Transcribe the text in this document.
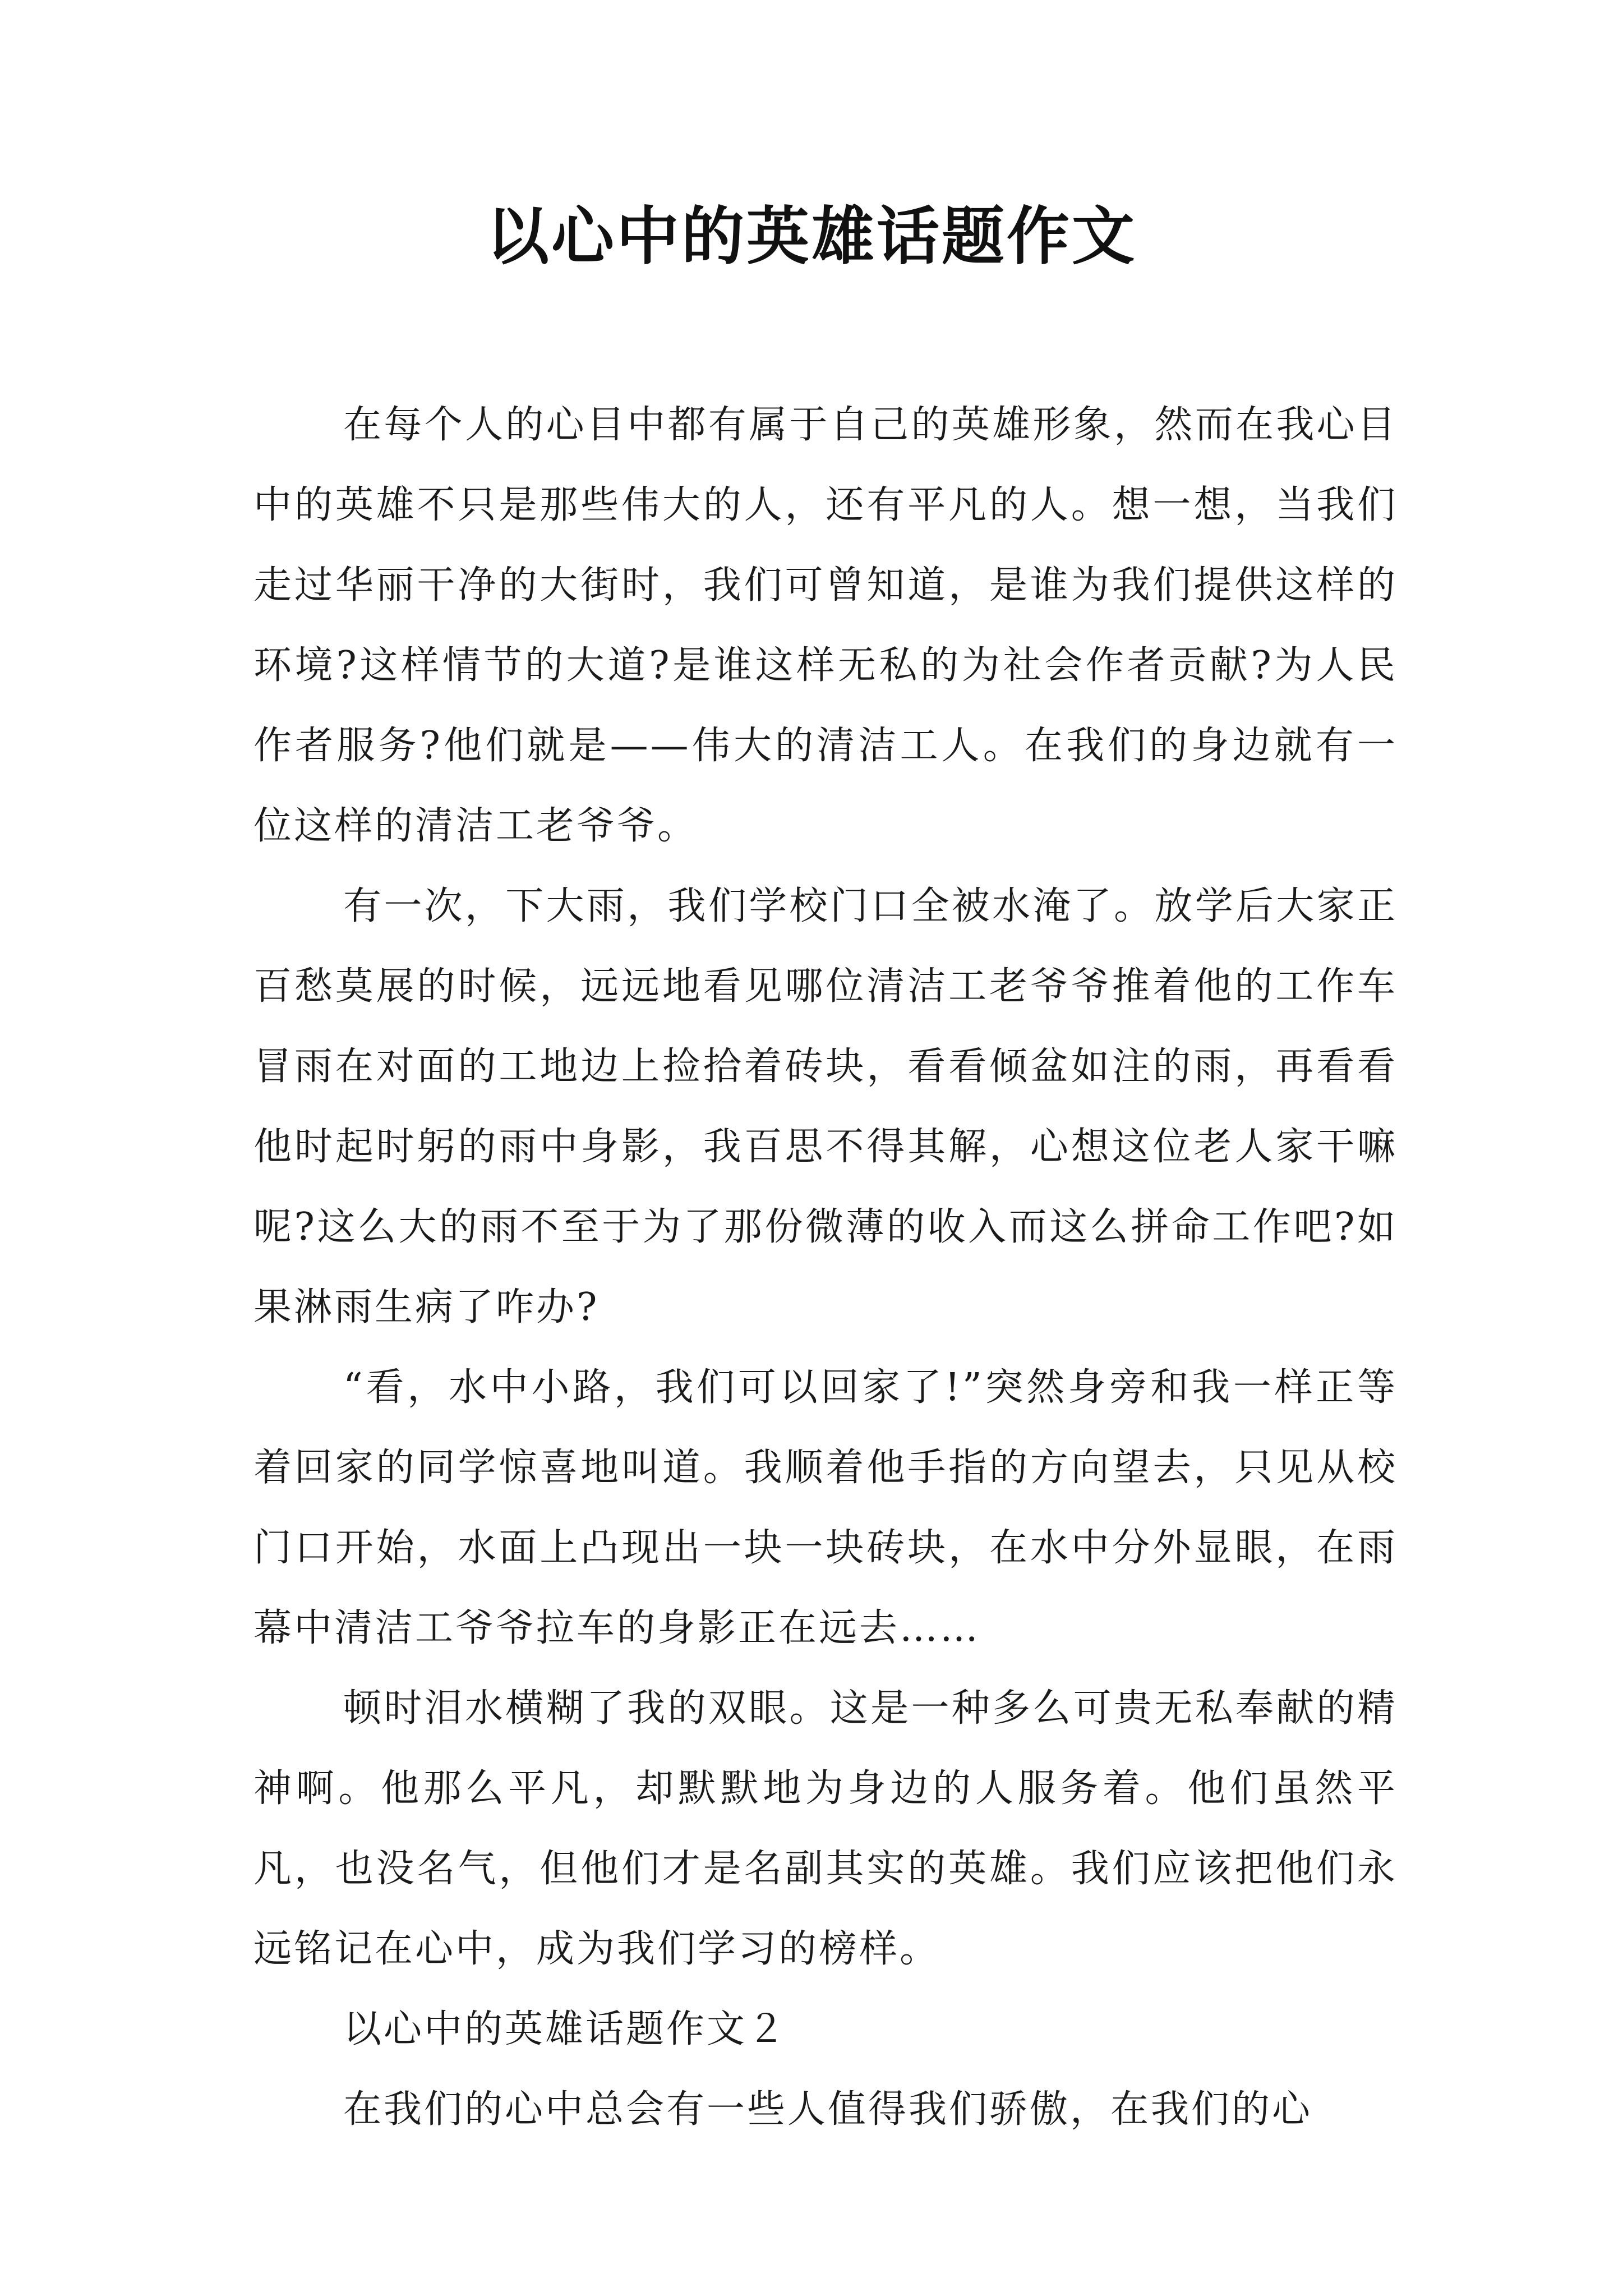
以心中的英雄话题作文

在每个人的心目中都有属于自己的英雄形象，然而在我心目中的英雄不只是那些伟大的人，还有平凡的人。想一想，当我们走过华丽干净的大街时，我们可曾知道，是谁为我们提供这样的环境?这样情节的大道?是谁这样无私的为社会作者贡献?为人民作者服务?他们就是——伟大的清洁工人。在我们的身边就有一位这样的清洁工老爷爷。

有一次，下大雨，我们学校门口全被水淹了。放学后大家正百愁莫展的时候，远远地看见哪位清洁工老爷爷推着他的工作车冒雨在对面的工地边上捡拾着砖块，看看倾盆如注的雨，再看看他时起时躬的雨中身影，我百思不得其解，心想这位老人家干嘛呢?这么大的雨不至于为了那份微薄的收入而这么拼命工作吧?如果淋雨生病了咋办?

“看，水中小路，我们可以回家了!”突然身旁和我一样正等着回家的同学惊喜地叫道。我顺着他手指的方向望去，只见从校门口开始，水面上凸现出一块一块砖块，在水中分外显眼，在雨幕中清洁工爷爷拉车的身影正在远去……

顿时泪水横糊了我的双眼。这是一种多么可贵无私奉献的精神啊。他那么平凡，却默默地为身边的人服务着。他们虽然平凡，也没名气，但他们才是名副其实的英雄。我们应该把他们永远铭记在心中，成为我们学习的榜样。

以心中的英雄话题作文２

在我们的心中总会有一些人值得我们骄傲，在我们的心
